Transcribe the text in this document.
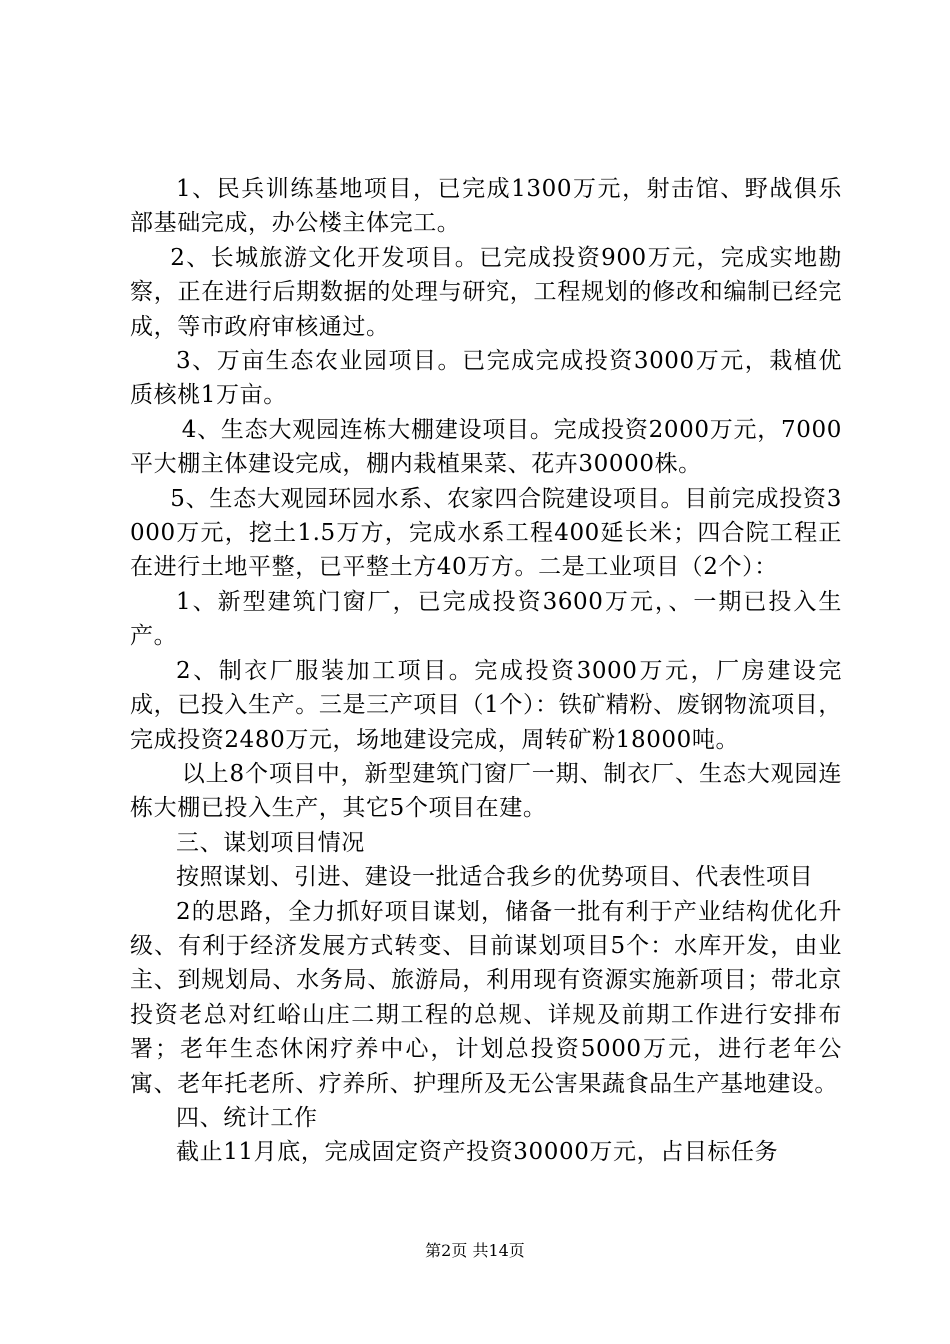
1、民兵训练基地项目，已完成1300万元，射击馆、野战俱乐部基础完成，办公楼主体完工。

2、长城旅游文化开发项目。已完成投资900万元，完成实地勘察，正在进行后期数据的处理与研究，工程规划的修改和编制已经完成，等市政府审核通过。

3、万亩生态农业园项目。已完成完成投资3000万元，栽植优质核桃1万亩。

4、生态大观园连栋大棚建设项目。完成投资2000万元，7000平大棚主体建设完成，棚内栽植果菜、花卉30000株。

5、生态大观园环园水系、农家四合院建设项目。目前完成投资3000万元，挖土1.5万方，完成水系工程400延长米；四合院工程正在进行土地平整，已平整土方40万方。二是工业项目（2个）：

1、新型建筑门窗厂，已完成投资3600万元，、一期已投入生产。

2、制衣厂服装加工项目。完成投资3000万元，厂房建设完成，已投入生产。三是三产项目（1个）：铁矿精粉、废钢物流项目，完成投资2480万元，场地建设完成，周转矿粉18000吨。

以上8个项目中，新型建筑门窗厂一期、制衣厂、生态大观园连栋大棚已投入生产，其它5个项目在建。

三、谋划项目情况

按照谋划、引进、建设一批适合我乡的优势项目、代表性项目

2的思路，全力抓好项目谋划，储备一批有利于产业结构优化升级、有利于经济发展方式转变、目前谋划项目5个：水库开发，由业主、到规划局、水务局、旅游局，利用现有资源实施新项目；带北京投资老总对红峪山庄二期工程的总规、详规及前期工作进行安排布署；老年生态休闲疗养中心，计划总投资5000万元，进行老年公寓、老年托老所、疗养所、护理所及无公害果蔬食品生产基地建设。

四、统计工作

截止11月底，完成固定资产投资30000万元，占目标任务

第2页 共14页
